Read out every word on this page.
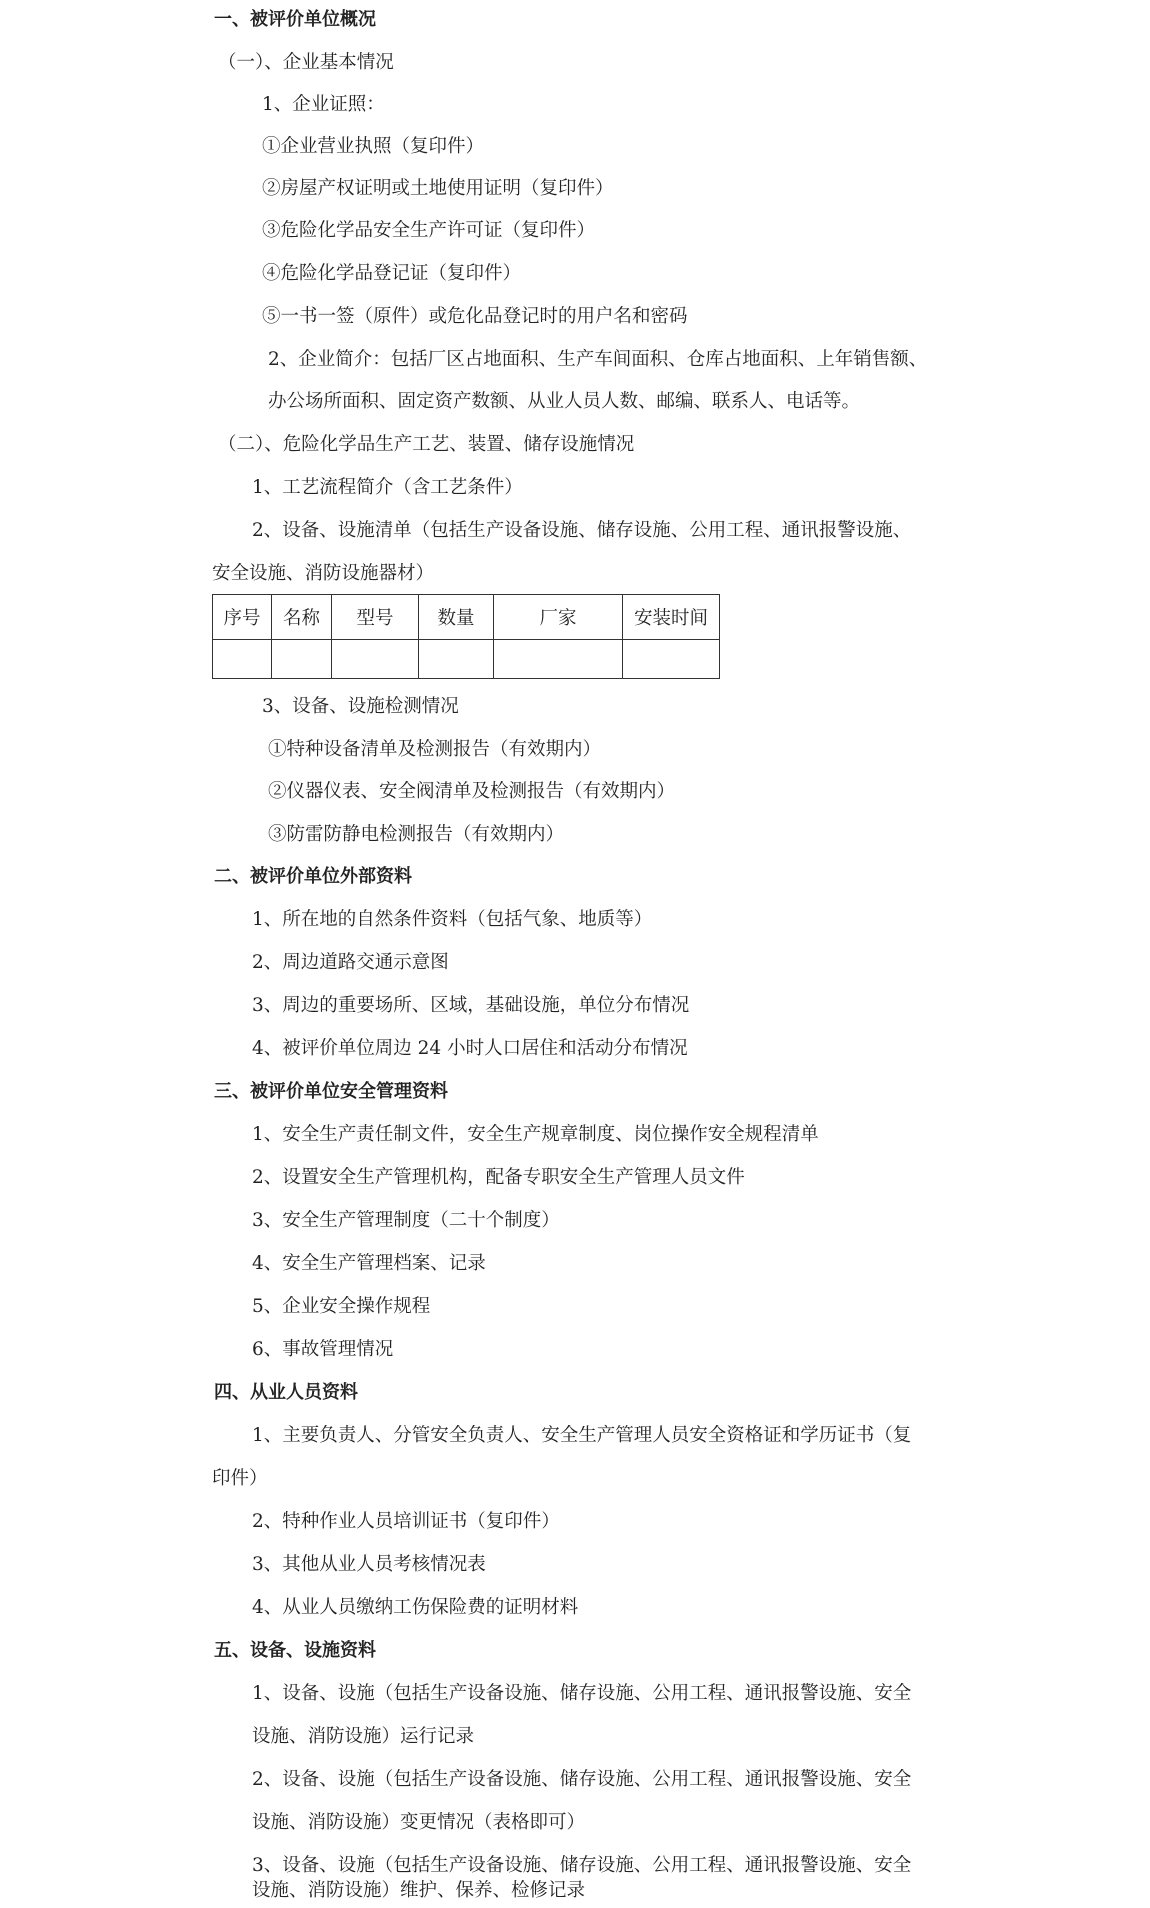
序号	名称	型号	数量	厂家	安装时间

一、被评价单位概况
（一）、企业基本情况
1、企业证照：
①企业营业执照（复印件）
②房屋产权证明或土地使用证明（复印件）
③危险化学品安全生产许可证（复印件）
④危险化学品登记证（复印件）
⑤一书一签（原件）或危化品登记时的用户名和密码
2、企业简介：包括厂区占地面积、生产车间面积、仓库占地面积、上年销售额、
办公场所面积、固定资产数额、从业人员人数、邮编、联系人、电话等。
（二）、危险化学品生产工艺、装置、储存设施情况
1、工艺流程简介（含工艺条件）
2、设备、设施清单（包括生产设备设施、储存设施、公用工程、通讯报警设施、
安全设施、消防设施器材）
3、设备、设施检测情况
①特种设备清单及检测报告（有效期内）
②仪器仪表、安全阀清单及检测报告（有效期内）
③防雷防静电检测报告（有效期内）
二、被评价单位外部资料
1、所在地的自然条件资料（包括气象、地质等）
2、周边道路交通示意图
3、周边的重要场所、区域，基础设施，单位分布情况
4、被评价单位周边 24 小时人口居住和活动分布情况
三、被评价单位安全管理资料
1、安全生产责任制文件，安全生产规章制度、岗位操作安全规程清单
2、设置安全生产管理机构，配备专职安全生产管理人员文件
3、安全生产管理制度（二十个制度）
4、安全生产管理档案、记录
5、企业安全操作规程
6、事故管理情况
四、从业人员资料
1、主要负责人、分管安全负责人、安全生产管理人员安全资格证和学历证书（复
印件）
2、特种作业人员培训证书（复印件）
3、其他从业人员考核情况表
4、从业人员缴纳工伤保险费的证明材料
五、设备、设施资料
1、设备、设施（包括生产设备设施、储存设施、公用工程、通讯报警设施、安全
设施、消防设施）运行记录
2、设备、设施（包括生产设备设施、储存设施、公用工程、通讯报警设施、安全
设施、消防设施）变更情况（表格即可）
3、设备、设施（包括生产设备设施、储存设施、公用工程、通讯报警设施、安全
设施、消防设施）维护、保养、检修记录
